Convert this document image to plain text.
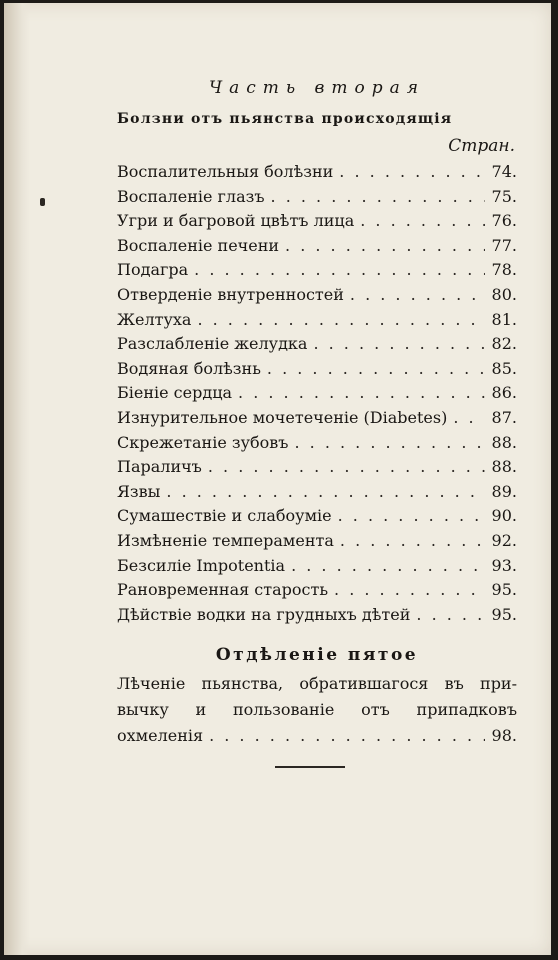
Часть вторая
Болзни отъ пьянства происходящія
Стран.
Воспалительныя болѣзни . . .	74.
Воспаленіе глазъ . . .	75.
Угри и багровой цвѣтъ лица . . .	76.
Воспаленіе печени . . .	77.
Подагра . . .	78.
Отверденіе внутренностей . . .	80.
Желтуха . . .	81.
Разслабленіе желудка . . .	82.
Водяная болѣзнь . . .	85.
Біеніе сердца . . .	86.
Изнурительное мочетеченіе (Diabetes) . . .	87.
Скрежетаніе зубовъ . . .	88.
Параличъ . . .	88.
Язвы . . .	89.
Сумашествіе и слабоуміе . . .	90.
Измѣненіе темперамента . . .	92.
Безсиліе Impotentia . . .	93.
Рановременная старость . . .	95.
Дѣйствіе водки на грудныхъ дѣтей . . .	95.
Отдѣленіе пятое
Лѣченіе пьянства, обратившагося въ при-
вычку и пользованіе отъ припадковъ
охмеленія . . .	98.
